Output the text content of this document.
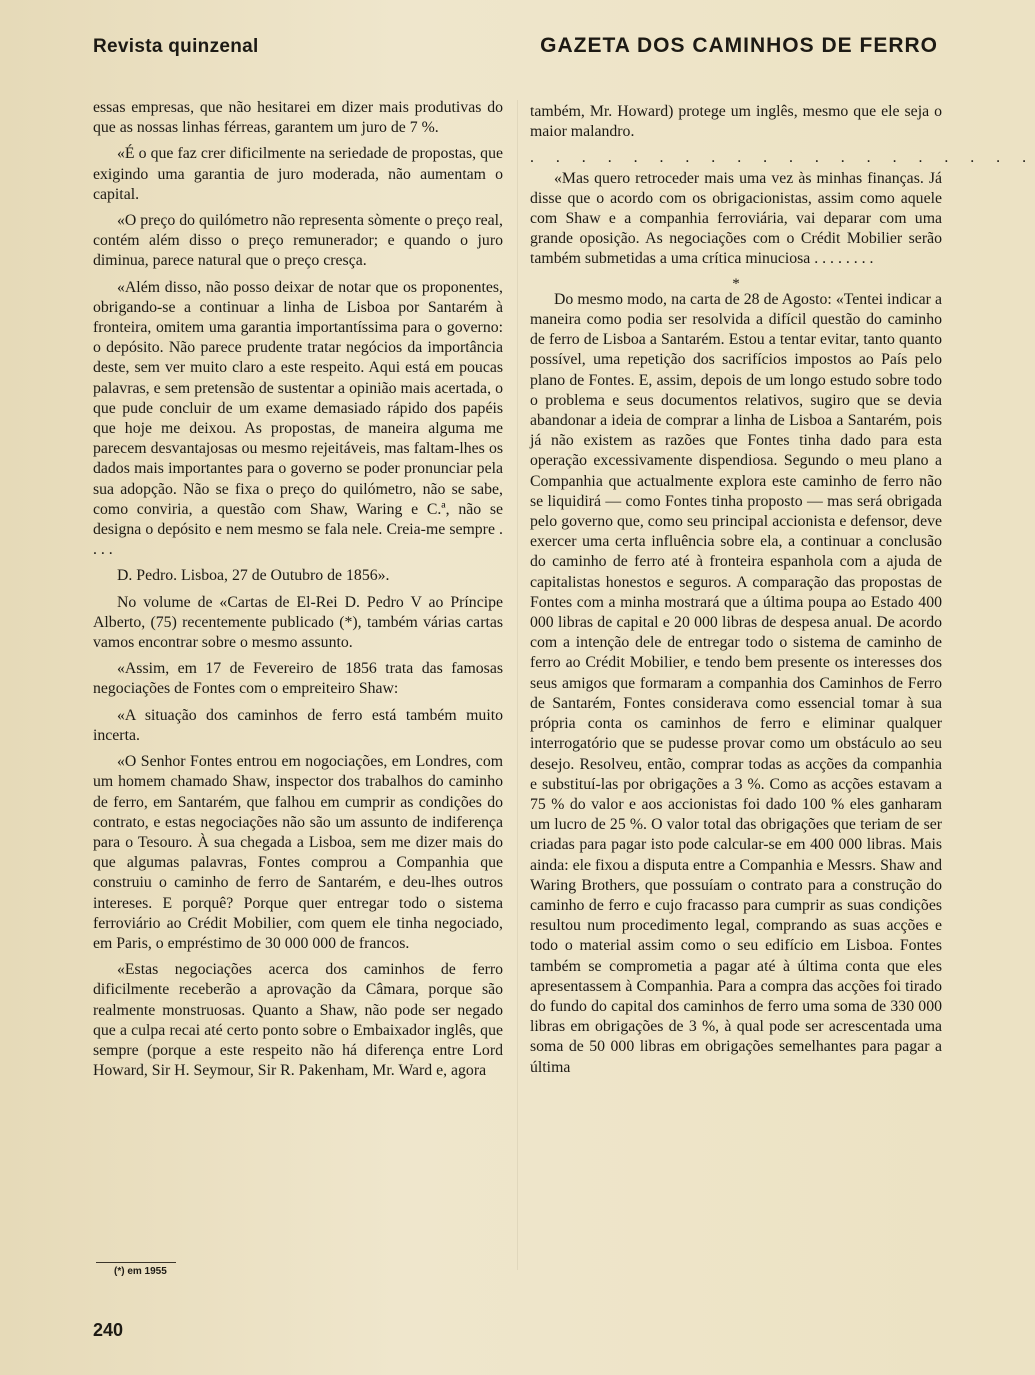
Revista quinzenal	GAZETA DOS CAMINHOS DE FERRO

essas empresas, que não hesitarei em dizer mais produtivas do que as nossas linhas férreas, garantem um juro de 7 %.

«É o que faz crer dificilmente na seriedade de propostas, que exigindo uma garantia de juro moderada, não aumentam o capital.

«O preço do quilómetro não representa sòmente o preço real, contém além disso o preço remunerador; e quando o juro diminua, parece natural que o preço cresça.

«Além disso, não posso deixar de notar que os proponentes, obrigando-se a continuar a linha de Lisboa por Santarém à fronteira, omitem uma garantia importantíssima para o governo: o depósito. Não parece prudente tratar negócios da importância deste, sem ver muito claro a este respeito. Aqui está em poucas palavras, e sem pretensão de sustentar a opinião mais acertada, o que pude concluir de um exame demasiado rápido dos papéis que hoje me deixou. As propostas, de maneira alguma me parecem desvantajosas ou mesmo rejeitáveis, mas faltam-lhes os dados mais importantes para o governo se poder pronunciar pela sua adopção. Não se fixa o preço do quilómetro, não se sabe, como conviria, a questão com Shaw, Waring e C.ª, não se designa o depósito e nem mesmo se fala nele. Creia-me sempre . . . .

D. Pedro. Lisboa, 27 de Outubro de 1856».

No volume de «Cartas de El-Rei D. Pedro V ao Príncipe Alberto, (75) recentemente publicado (*), também várias cartas vamos encontrar sobre o mesmo assunto.

«Assim, em 17 de Fevereiro de 1856 trata das famosas negociações de Fontes com o empreiteiro Shaw:

«A situação dos caminhos de ferro está também muito incerta.

«O Senhor Fontes entrou em nogociações, em Londres, com um homem chamado Shaw, inspector dos trabalhos do caminho de ferro, em Santarém, que falhou em cumprir as condições do contrato, e estas negociações não são um assunto de indiferença para o Tesouro. À sua chegada a Lisboa, sem me dizer mais do que algumas palavras, Fontes comprou a Companhia que construiu o caminho de ferro de Santarém, e deu-lhes outros intereses. E porquê? Porque quer entregar todo o sistema ferroviário ao Crédit Mobilier, com quem ele tinha negociado, em Paris, o empréstimo de 30 000 000 de francos.

«Estas negociações acerca dos caminhos de ferro dificilmente receberão a aprovação da Câmara, porque são realmente monstruosas. Quanto a Shaw, não pode ser negado que a culpa recai até certo ponto sobre o Embaixador inglês, que sempre (porque a este respeito não há diferença entre Lord Howard, Sir H. Seymour, Sir R. Pakenham, Mr. Ward e, agora

também, Mr. Howard) protege um inglês, mesmo que ele seja o maior malandro.

. . . . . . . . . . . . . . . . . . . .

«Mas quero retroceder mais uma vez às minhas finanças. Já disse que o acordo com os obrigacionistas, assim como aquele com Shaw e a companhia ferroviária, vai deparar com uma grande oposição. As negociações com o Crédit Mobilier serão também submetidas a uma crítica minuciosa . . . . . . . .

*

Do mesmo modo, na carta de 28 de Agosto: «Tentei indicar a maneira como podia ser resolvida a difícil questão do caminho de ferro de Lisboa a Santarém. Estou a tentar evitar, tanto quanto possível, uma repetição dos sacrifícios impostos ao País pelo plano de Fontes. E, assim, depois de um longo estudo sobre todo o problema e seus documentos relativos, sugiro que se devia abandonar a ideia de comprar a linha de Lisboa a Santarém, pois já não existem as razões que Fontes tinha dado para esta operação excessivamente dispendiosa. Segundo o meu plano a Companhia que actualmente explora este caminho de ferro não se liquidirá — como Fontes tinha proposto — mas será obrigada pelo governo que, como seu principal accionista e defensor, deve exercer uma certa influência sobre ela, a continuar a conclusão do caminho de ferro até à fronteira espanhola com a ajuda de capitalistas honestos e seguros. A comparação das propostas de Fontes com a minha mostrará que a última poupa ao Estado 400 000 libras de capital e 20 000 libras de despesa anual. De acordo com a intenção dele de entregar todo o sistema de caminho de ferro ao Crédit Mobilier, e tendo bem presente os interesses dos seus amigos que formaram a companhia dos Caminhos de Ferro de Santarém, Fontes considerava como essencial tomar à sua própria conta os caminhos de ferro e eliminar qualquer interrogatório que se pudesse provar como um obstáculo ao seu desejo. Resolveu, então, comprar todas as acções da companhia e substituí-las por obrigações a 3 %. Como as acções estavam a 75 % do valor e aos accionistas foi dado 100 % eles ganharam um lucro de 25 %. O valor total das obrigações que teriam de ser criadas para pagar isto pode calcular-se em 400 000 libras. Mais ainda: ele fixou a disputa entre a Companhia e Messrs. Shaw and Waring Brothers, que possuíam o contrato para a construção do caminho de ferro e cujo fracasso para cumprir as suas condições resultou num procedimento legal, comprando as suas acções e todo o material assim como o seu edifício em Lisboa. Fontes também se comprometia a pagar até à última conta que eles apresentassem à Companhia. Para a compra das acções foi tirado do fundo do capital dos caminhos de ferro uma soma de 330 000 libras em obrigações de 3 %, à qual pode ser acrescentada uma soma de 50 000 libras em obrigações semelhantes para pagar a última

(*) em 1955
240
